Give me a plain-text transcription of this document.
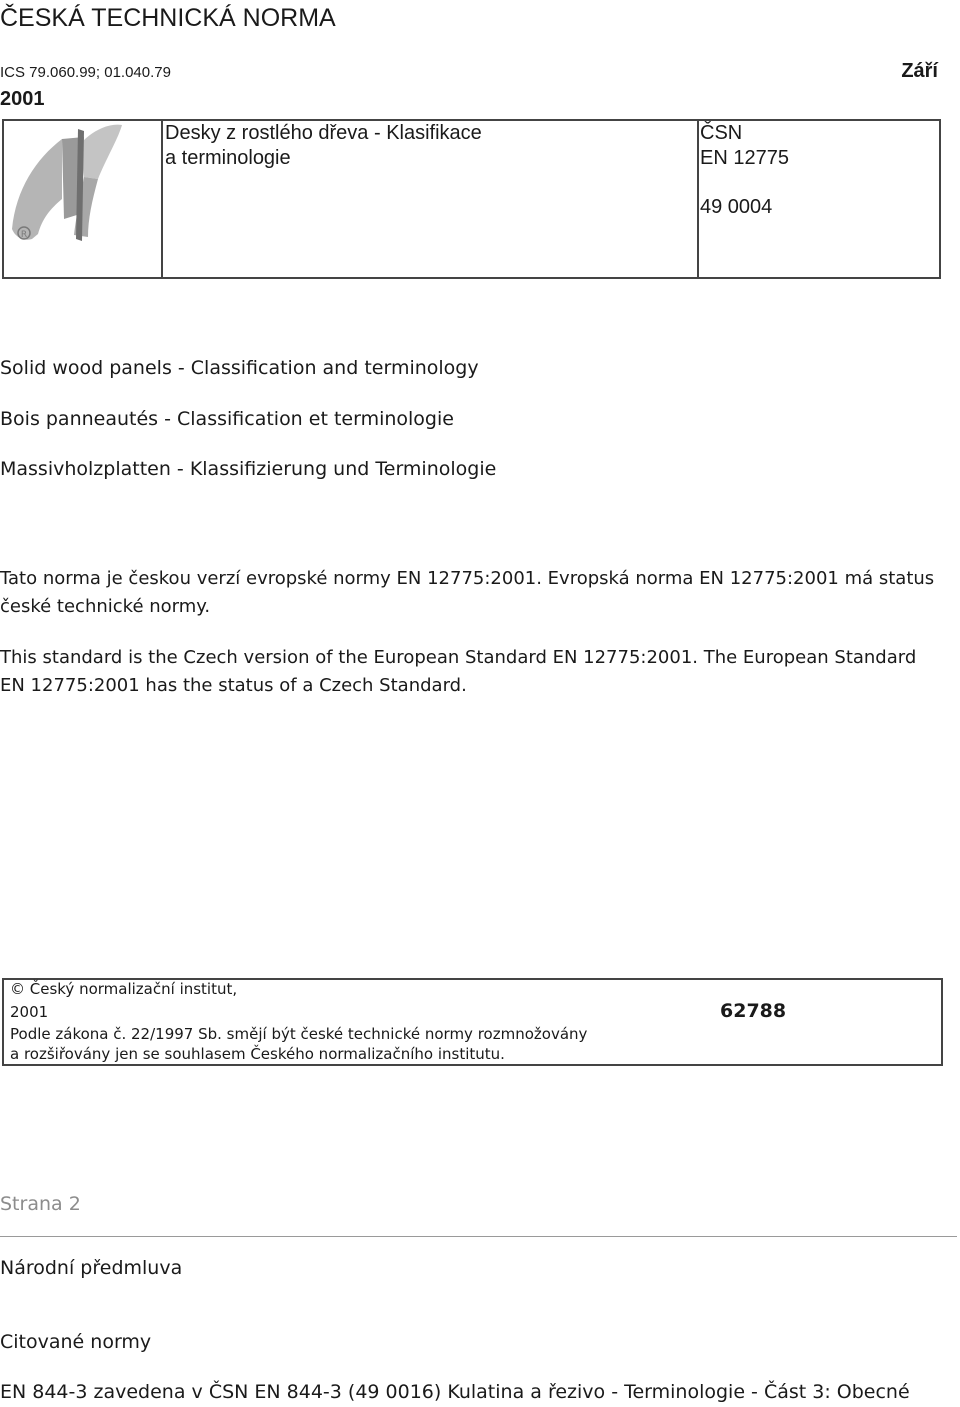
ČESKÁ TECHNICKÁ NORMA
ICS 79.060.99; 01.040.79	Září
2001
R
Desky z rostlého dřeva - Klasifikace
a terminologie
ČSN
EN 12775
49 0004
Solid wood panels - Classification and terminology
Bois panneautés - Classification et terminologie
Massivholzplatten - Klassifizierung und Terminologie
Tato norma je českou verzí evropské normy EN 12775:2001. Evropská norma EN 12775:2001 má status
české technické normy.
This standard is the Czech version of the European Standard EN 12775:2001. The European Standard
EN 12775:2001 has the status of a Czech Standard.
© Český normalizační institut,
2001	62788
Podle zákona č. 22/1997 Sb. smějí být české technické normy rozmnožovány
a rozšiřovány jen se souhlasem Českého normalizačního institutu.
Strana 2
Národní předmluva
Citované normy
EN 844-3 zavedena v ČSN EN 844-3 (49 0016) Kulatina a řezivo - Terminologie - Část 3: Obecné
